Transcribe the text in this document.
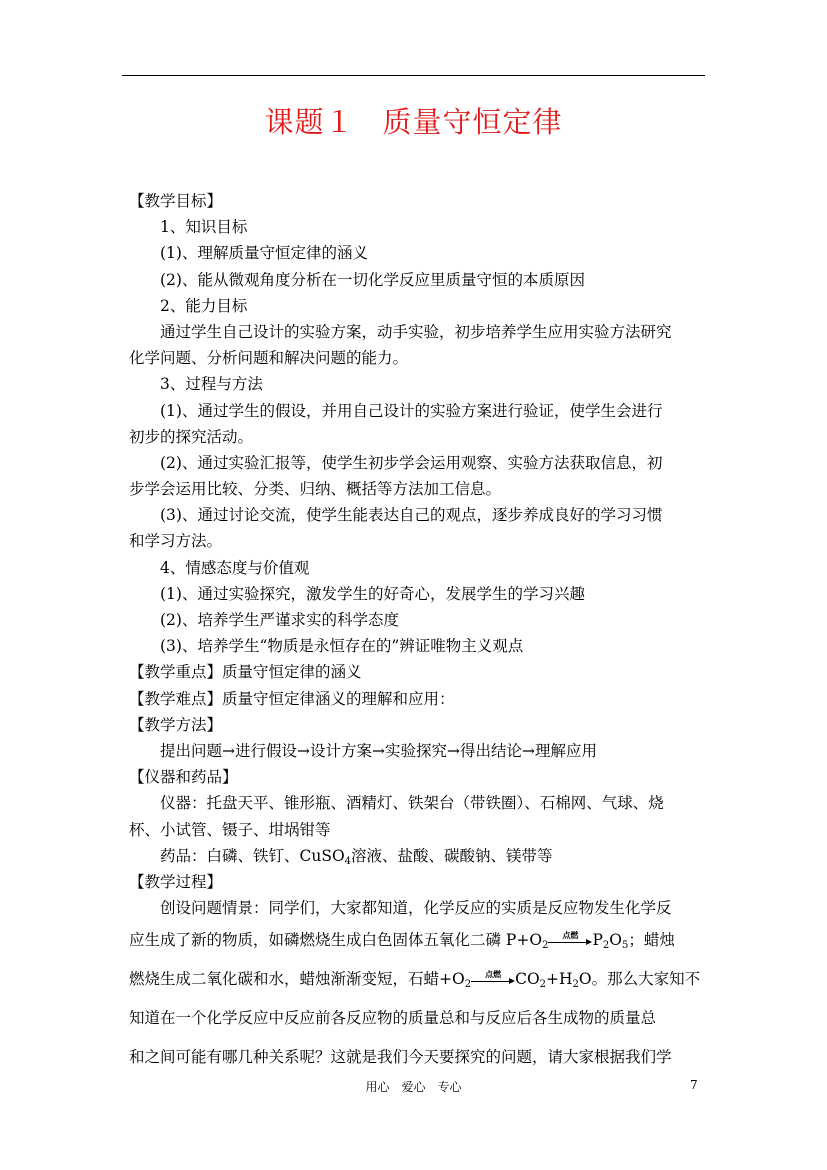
课题１ 质量守恒定律
【教学目标】
1、知识目标
(1)、理解质量守恒定律的涵义
(2)、能从微观角度分析在一切化学反应里质量守恒的本质原因
2、能力目标
通过学生自己设计的实验方案，动手实验，初步培养学生应用实验方法研究
化学问题、分析问题和解决问题的能力。
3、过程与方法
(1)、通过学生的假设，并用自己设计的实验方案进行验证，使学生会进行
初步的探究活动。
(2)、通过实验汇报等，使学生初步学会运用观察、实验方法获取信息，初
步学会运用比较、分类、归纳、概括等方法加工信息。
(3)、通过讨论交流，使学生能表达自己的观点，逐步养成良好的学习习惯
和学习方法。
4、情感态度与价值观
(1)、通过实验探究，激发学生的好奇心，发展学生的学习兴趣
(2)、培养学生严谨求实的科学态度
(3)、培养学生“物质是永恒存在的”辨证唯物主义观点
【教学重点】质量守恒定律的涵义
【教学难点】质量守恒定律涵义的理解和应用：
【教学方法】
提出问题→进行假设→设计方案→实验探究→得出结论→理解应用
【仪器和药品】
仪器：托盘天平、锥形瓶、酒精灯、铁架台（带铁圈）、石棉网、气球、烧
杯、小试管、镊子、坩埚钳等
药品：白磷、铁钉、CuSO$_4$溶液、盐酸、碳酸钠、镁带等
【教学过程】
创设问题情景：同学们，大家都知道，化学反应的实质是反应物发生化学反
应生成了新的物质，如磷燃烧生成白色固体五氧化二磷 $P+O_2$
点燃 $P_2O_5$；蜡烛
燃烧生成二氧化碳和水，蜡烛渐渐变短，石蜡$+O_2$
点燃 $CO_2+H_2O$。那么大家知不
知道在一个化学反应中反应前各反应物的质量总和与反应后各生成物的质量总
和之间可能有哪几种关系呢？这就是我们今天要探究的问题，请大家根据我们学
用心　爱心　专心	7
